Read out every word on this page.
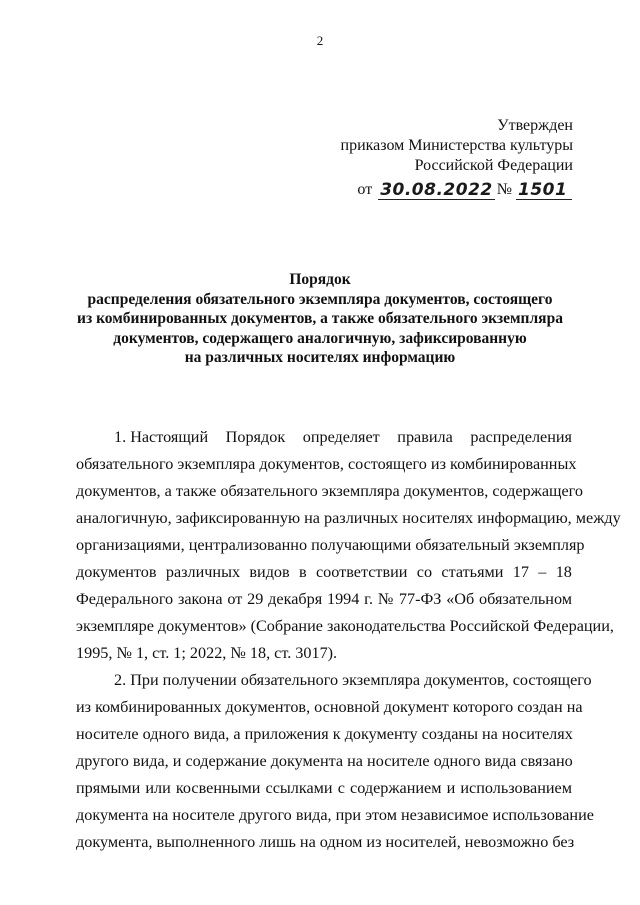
2
Утвержден
приказом Министерства культуры
Российской Федерации
от 30.08.2022 № 1501
Порядок
распределения обязательного экземпляра документов, состоящего
из комбинированных документов, а также обязательного экземпляра
документов, содержащего аналогичную, зафиксированную
на различных носителях информацию
1. Настоящий Порядок определяет правила распределения
обязательного экземпляра документов, состоящего из комбинированных
документов, а также обязательного экземпляра документов, содержащего
аналогичную, зафиксированную на различных носителях информацию, между
организациями, централизованно получающими обязательный экземпляр
документов различных видов в соответствии со статьями 17 – 18
Федерального закона от 29 декабря 1994 г. № 77-ФЗ «Об обязательном
экземпляре документов» (Собрание законодательства Российской Федерации,
1995, № 1, ст. 1; 2022, № 18, ст. 3017).
2. При получении обязательного экземпляра документов, состоящего
из комбинированных документов, основной документ которого создан на
носителе одного вида, а приложения к документу созданы на носителях
другого вида, и содержание документа на носителе одного вида связано
прямыми или косвенными ссылками с содержанием и использованием
документа на носителе другого вида, при этом независимое использование
документа, выполненного лишь на одном из носителей, невозможно без
